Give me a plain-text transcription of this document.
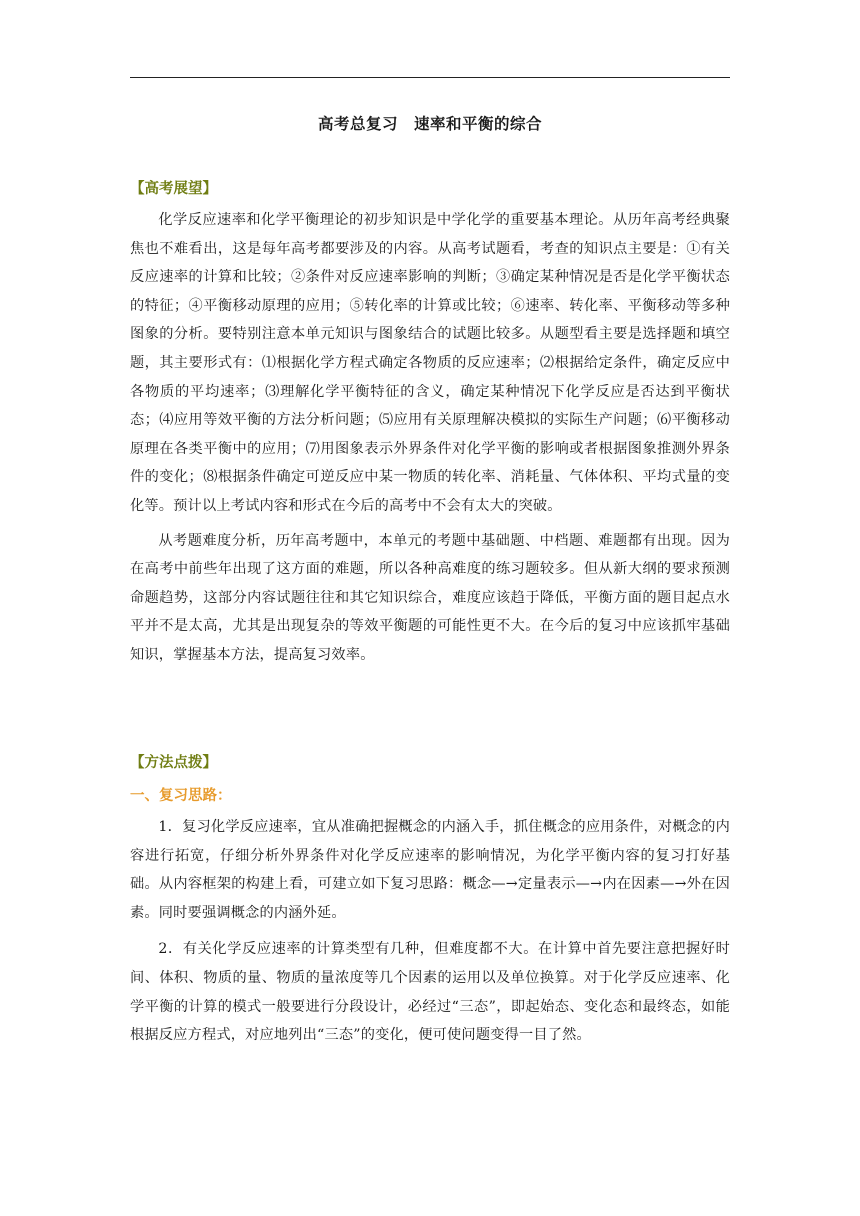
高考总复习　速率和平衡的综合

【高考展望】

化学反应速率和化学平衡理论的初步知识是中学化学的重要基本理论。从历年高考经典聚焦也不难看出，这是每年高考都要涉及的内容。从高考试题看，考查的知识点主要是：①有关反应速率的计算和比较；②条件对反应速率影响的判断；③确定某种情况是否是化学平衡状态的特征；④平衡移动原理的应用；⑤转化率的计算或比较；⑥速率、转化率、平衡移动等多种图象的分析。要特别注意本单元知识与图象结合的试题比较多。从题型看主要是选择题和填空题，其主要形式有：⑴根据化学方程式确定各物质的反应速率；⑵根据给定条件，确定反应中各物质的平均速率；⑶理解化学平衡特征的含义，确定某种情况下化学反应是否达到平衡状态；⑷应用等效平衡的方法分析问题；⑸应用有关原理解决模拟的实际生产问题；⑹平衡移动原理在各类平衡中的应用；⑺用图象表示外界条件对化学平衡的影响或者根据图象推测外界条件的变化；⑻根据条件确定可逆反应中某一物质的转化率、消耗量、气体体积、平均式量的变化等。预计以上考试内容和形式在今后的高考中不会有太大的突破。

从考题难度分析，历年高考题中，本单元的考题中基础题、中档题、难题都有出现。因为在高考中前些年出现了这方面的难题，所以各种高难度的练习题较多。但从新大纲的要求预测命题趋势，这部分内容试题往往和其它知识综合，难度应该趋于降低，平衡方面的题目起点水平并不是太高，尤其是出现复杂的等效平衡题的可能性更不大。在今后的复习中应该抓牢基础知识，掌握基本方法，提高复习效率。

【方法点拨】

一、复习思路：

1．复习化学反应速率，宜从准确把握概念的内涵入手，抓住概念的应用条件，对概念的内容进行拓宽，仔细分析外界条件对化学反应速率的影响情况，为化学平衡内容的复习打好基础。从内容框架的构建上看，可建立如下复习思路：概念—→定量表示—→内在因素—→外在因素。同时要强调概念的内涵外延。

2．有关化学反应速率的计算类型有几种，但难度都不大。在计算中首先要注意把握好时间、体积、物质的量、物质的量浓度等几个因素的运用以及单位换算。对于化学反应速率、化学平衡的计算的模式一般要进行分段设计，必经过“三态”，即起始态、变化态和最终态，如能根据反应方程式，对应地列出“三态”的变化，便可使问题变得一目了然。
